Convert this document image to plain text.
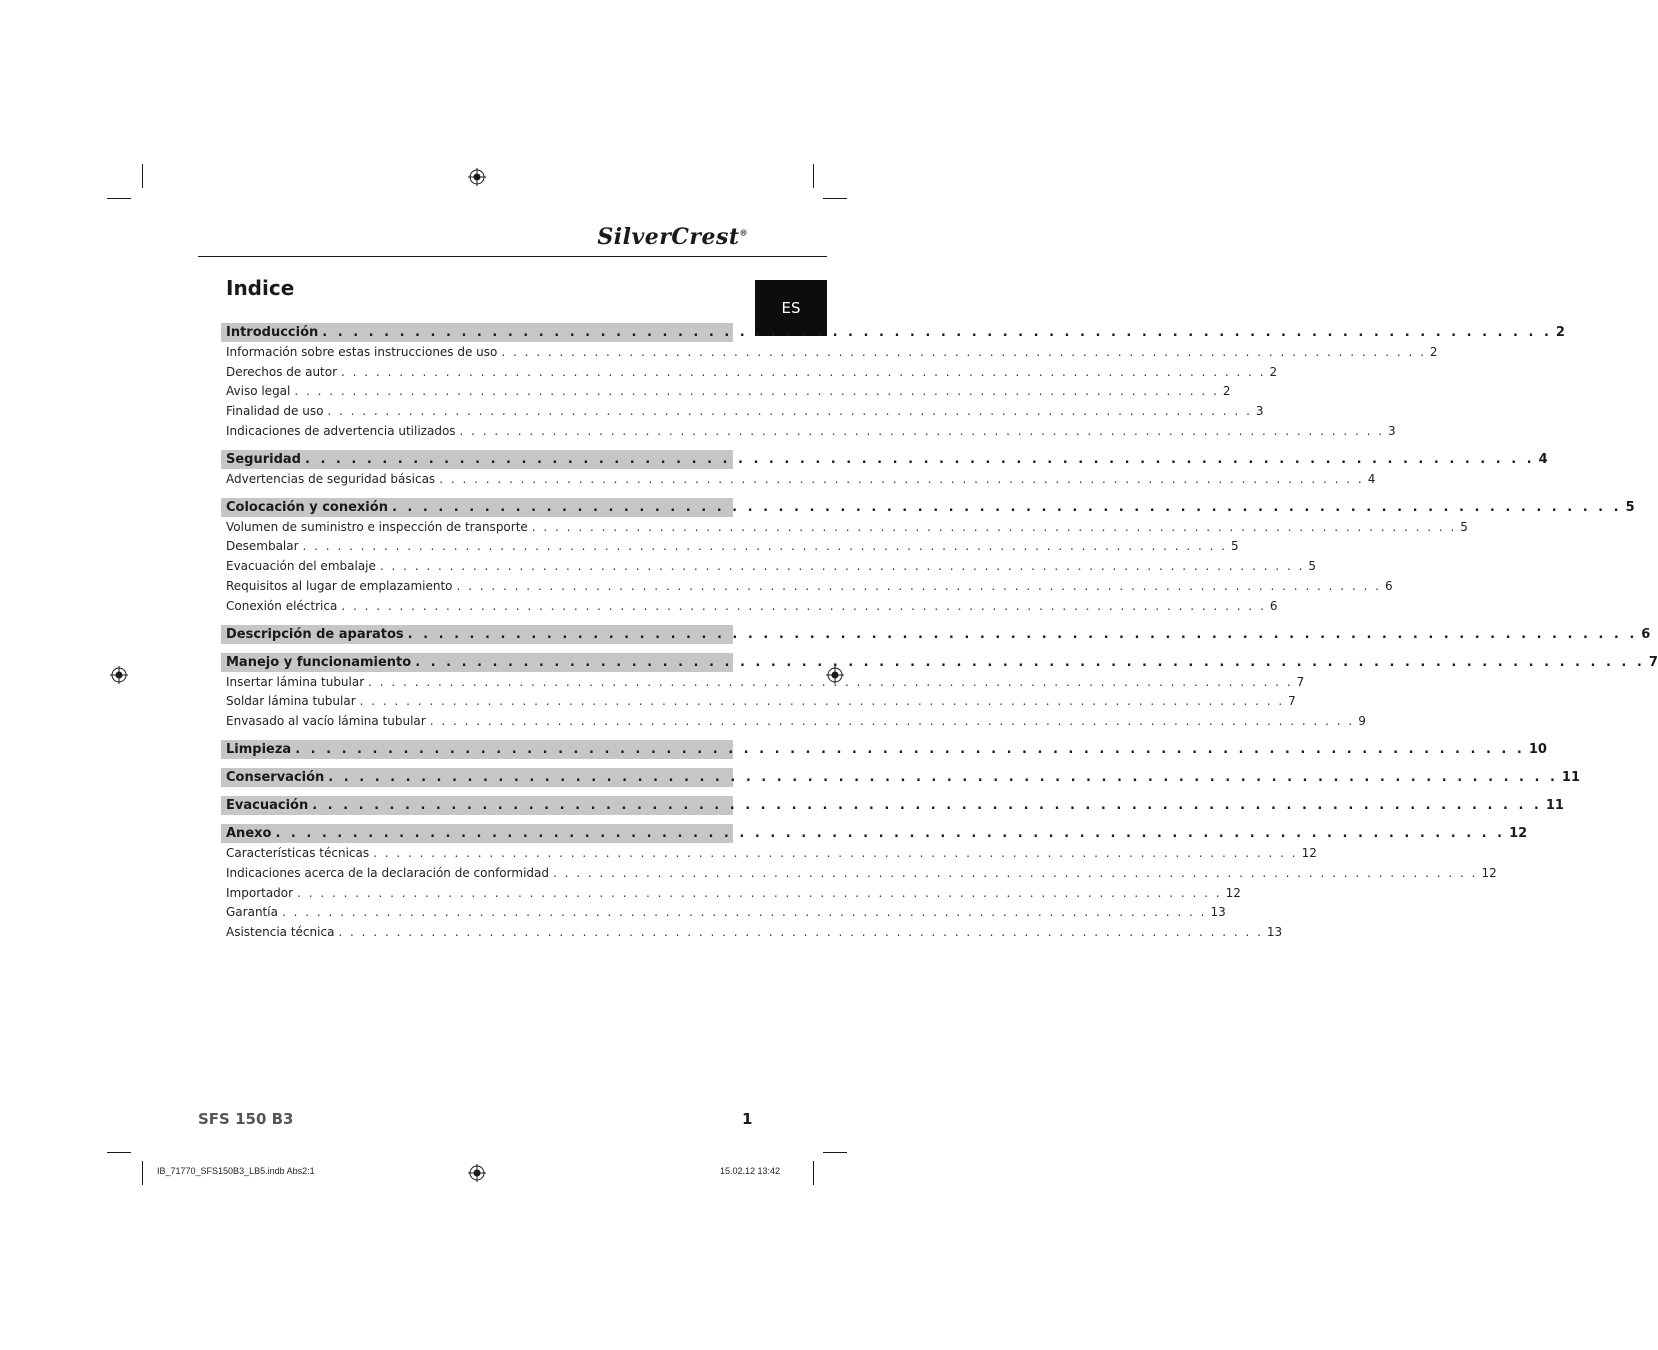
SilverCrest®
Indice
ES
Introducción . . . . . . . . . . . . . . . . . . . . . . . . . . . . . . . . . . . . . . . . . . . . . . . . . . . . . . . . . . . . . . . . . . . . . . . . . . . . . . . . 2
Información sobre estas instrucciones de uso . . . . . . . . . . . . . . . . . . . . . . . . . . . . . . . . . . . . . . . . . . . . . . . . . . . . . . . . . . . . . . . . . . . . . . . . . . . . . . . . 2
Derechos de autor . . . . . . . . . . . . . . . . . . . . . . . . . . . . . . . . . . . . . . . . . . . . . . . . . . . . . . . . . . . . . . . . . . . . . . . . . . . . . . . . 2
Aviso legal . . . . . . . . . . . . . . . . . . . . . . . . . . . . . . . . . . . . . . . . . . . . . . . . . . . . . . . . . . . . . . . . . . . . . . . . . . . . . . . . 2
Finalidad de uso . . . . . . . . . . . . . . . . . . . . . . . . . . . . . . . . . . . . . . . . . . . . . . . . . . . . . . . . . . . . . . . . . . . . . . . . . . . . . . . . 3
Indicaciones de advertencia utilizados . . . . . . . . . . . . . . . . . . . . . . . . . . . . . . . . . . . . . . . . . . . . . . . . . . . . . . . . . . . . . . . . . . . . . . . . . . . . . . . . 3
Seguridad . . . . . . . . . . . . . . . . . . . . . . . . . . . . . . . . . . . . . . . . . . . . . . . . . . . . . . . . . . . . . . . . . . . . . . . . . . . . . . . . 4
Advertencias de seguridad básicas . . . . . . . . . . . . . . . . . . . . . . . . . . . . . . . . . . . . . . . . . . . . . . . . . . . . . . . . . . . . . . . . . . . . . . . . . . . . . . . . 4
Colocación y conexión . . . . . . . . . . . . . . . . . . . . . . . . . . . . . . . . . . . . . . . . . . . . . . . . . . . . . . . . . . . . . . . . . . . . . . . . . . . . . . . . 5
Volumen de suministro e inspección de transporte . . . . . . . . . . . . . . . . . . . . . . . . . . . . . . . . . . . . . . . . . . . . . . . . . . . . . . . . . . . . . . . . . . . . . . . . . . . . . . . . 5
Desembalar . . . . . . . . . . . . . . . . . . . . . . . . . . . . . . . . . . . . . . . . . . . . . . . . . . . . . . . . . . . . . . . . . . . . . . . . . . . . . . . . 5
Evacuación del embalaje . . . . . . . . . . . . . . . . . . . . . . . . . . . . . . . . . . . . . . . . . . . . . . . . . . . . . . . . . . . . . . . . . . . . . . . . . . . . . . . . 5
Requisitos al lugar de emplazamiento . . . . . . . . . . . . . . . . . . . . . . . . . . . . . . . . . . . . . . . . . . . . . . . . . . . . . . . . . . . . . . . . . . . . . . . . . . . . . . . . 6
Conexión eléctrica . . . . . . . . . . . . . . . . . . . . . . . . . . . . . . . . . . . . . . . . . . . . . . . . . . . . . . . . . . . . . . . . . . . . . . . . . . . . . . . . 6
Descripción de aparatos . . . . . . . . . . . . . . . . . . . . . . . . . . . . . . . . . . . . . . . . . . . . . . . . . . . . . . . . . . . . . . . . . . . . . . . . . . . . . . . . 6
Manejo y funcionamiento . . . . . . . . . . . . . . . . . . . . . . . . . . . . . . . . . . . . . . . . . . . . . . . . . . . . . . . . . . . . . . . . . . . . . . . . . . . . . . . . 7
Insertar lámina tubular . . . . . . . . . . . . . . . . . . . . . . . . . . . . . . . . . . . . . . . . . . . . . . . . . . . . . . . . . . . . . . . . . . . . . . . . . . . . . . . . 7
Soldar lámina tubular . . . . . . . . . . . . . . . . . . . . . . . . . . . . . . . . . . . . . . . . . . . . . . . . . . . . . . . . . . . . . . . . . . . . . . . . . . . . . . . . 7
Envasado al vacío lámina tubular . . . . . . . . . . . . . . . . . . . . . . . . . . . . . . . . . . . . . . . . . . . . . . . . . . . . . . . . . . . . . . . . . . . . . . . . . . . . . . . . 9
Limpieza . . . . . . . . . . . . . . . . . . . . . . . . . . . . . . . . . . . . . . . . . . . . . . . . . . . . . . . . . . . . . . . . . . . . . . . . . . . . . . . . 10
Conservación . . . . . . . . . . . . . . . . . . . . . . . . . . . . . . . . . . . . . . . . . . . . . . . . . . . . . . . . . . . . . . . . . . . . . . . . . . . . . . . . 11
Evacuación . . . . . . . . . . . . . . . . . . . . . . . . . . . . . . . . . . . . . . . . . . . . . . . . . . . . . . . . . . . . . . . . . . . . . . . . . . . . . . . . 11
Anexo . . . . . . . . . . . . . . . . . . . . . . . . . . . . . . . . . . . . . . . . . . . . . . . . . . . . . . . . . . . . . . . . . . . . . . . . . . . . . . . . 12
Características técnicas . . . . . . . . . . . . . . . . . . . . . . . . . . . . . . . . . . . . . . . . . . . . . . . . . . . . . . . . . . . . . . . . . . . . . . . . . . . . . . . . 12
Indicaciones acerca de la declaración de conformidad . . . . . . . . . . . . . . . . . . . . . . . . . . . . . . . . . . . . . . . . . . . . . . . . . . . . . . . . . . . . . . . . . . . . . . . . . . . . . . . . 12
Importador . . . . . . . . . . . . . . . . . . . . . . . . . . . . . . . . . . . . . . . . . . . . . . . . . . . . . . . . . . . . . . . . . . . . . . . . . . . . . . . . 12
Garantía . . . . . . . . . . . . . . . . . . . . . . . . . . . . . . . . . . . . . . . . . . . . . . . . . . . . . . . . . . . . . . . . . . . . . . . . . . . . . . . . 13
Asistencia técnica . . . . . . . . . . . . . . . . . . . . . . . . . . . . . . . . . . . . . . . . . . . . . . . . . . . . . . . . . . . . . . . . . . . . . . . . . . . . . . . . 13
SFS 150 B3	1
IB_71770_SFS150B3_LB5.indb Abs2:1	15.02.12 13:42
